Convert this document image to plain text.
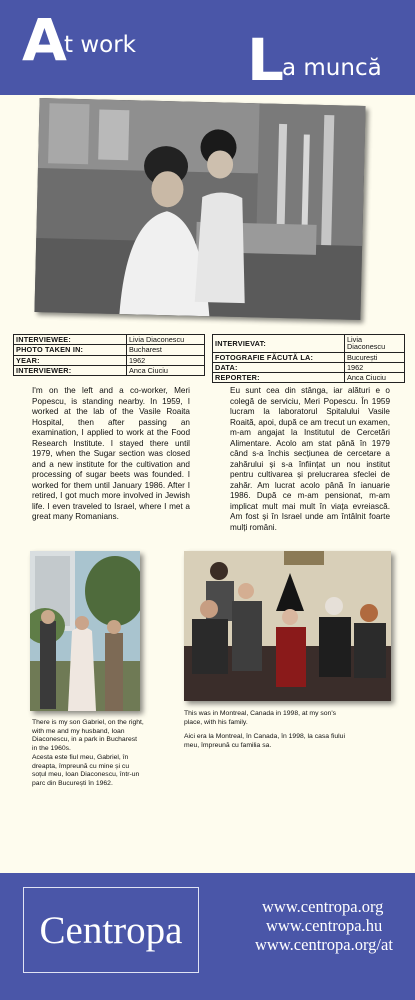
A
t work L
a muncă
INTERVIEWEE:	Livia Diaconescu
PHOTO TAKEN IN:	Bucharest
YEAR:	1962
INTERVIEWER:	Anca Ciuciu
INTERVIEVAT:	Livia Diaconescu
FOTOGRAFIE FĂCUTĂ LA:	București
DATA:	1962
REPORTER:	Anca Ciuciu
I'm on the left and a co-worker, Meri Popescu, is standing nearby. In 1959, I worked at the lab of the Vasile Roaita Hospital, then after passing an examination, I applied to work at the Food Research Institute. I stayed there until 1979, when the Sugar section was closed and a new institute for the cultivation and processing of sugar beets was founded. I worked for them until January 1986. After I retired, I got much more involved in Jewish life. I even traveled to Israel, where I met a great many Romanians.
Eu sunt cea din stânga, iar alături e o colegă de serviciu, Meri Popescu. În 1959 lucram la laboratorul Spitalului Vasile Roaită, apoi, după ce am trecut un examen, m-am angajat la Institutul de Cercetări Alimentare. Acolo am stat până în 1979 când s-a închis secțiunea de cercetare a zahărului și s-a înființat un nou institut pentru cultivarea și prelucrarea sfeclei de zahăr. Am lucrat acolo până în ianuarie 1986. După ce m-am pensionat, m-am implicat mult mai mult în viața evreiască. Am fost și în Israel unde am întâlnit foarte mulți români.
There is my son Gabriel, on the right, with me and my husband, Ioan Diaconescu, in a park in Bucharest in the 1960s.
Acesta este fiul meu, Gabriel, în dreapta, împreună cu mine și cu soțul meu, Ioan Diaconescu, într-un parc din București în 1962.
This was in Montreal, Canada in 1998, at my son's place, with his family.
Aici era la Montreal, în Canada, în 1998, la casa fiului meu, împreună cu familia sa.
Centropa
www.centropa.org
www.centropa.hu
www.centropa.org/at
